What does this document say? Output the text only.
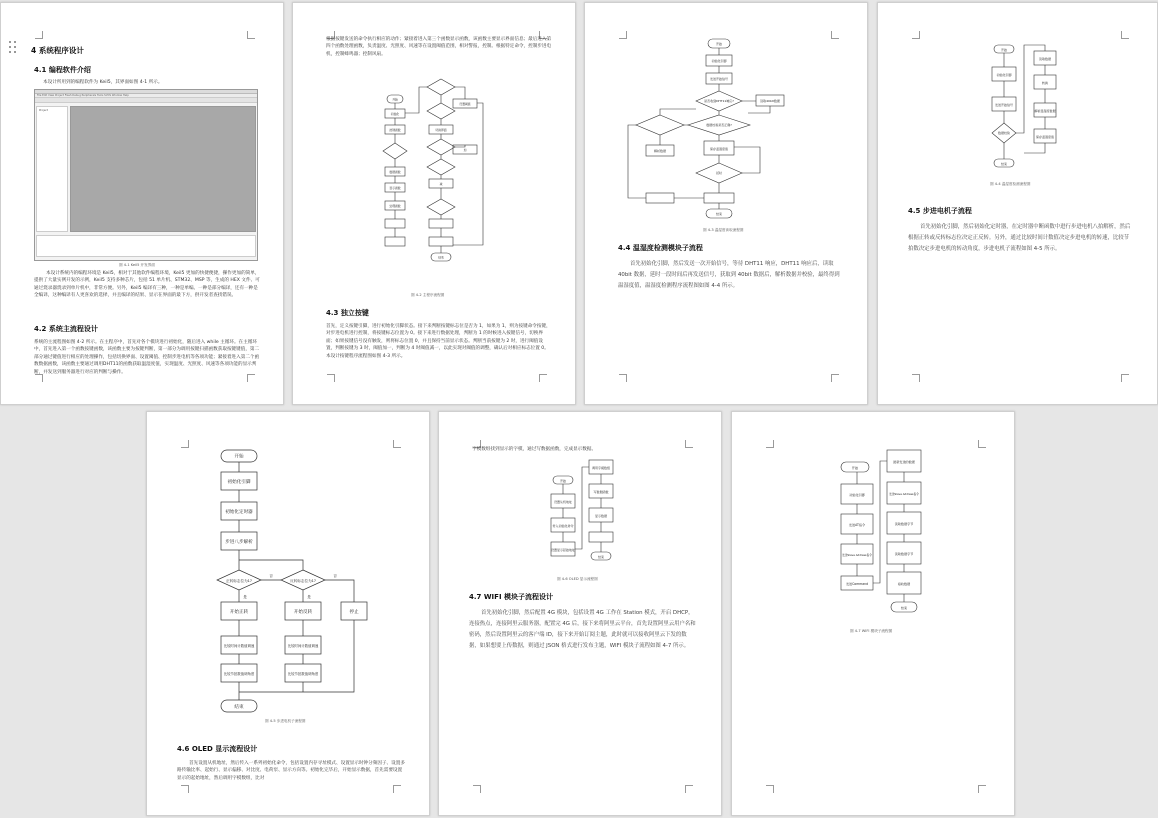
4 系统程序设计
4.1 编程软件介绍
本设计所用到的编程软件为 Keil5，其界面如图 4-1 所示。
File Edit View Project Flash Debug Peripherals Tools SVCS Window Help
Project
图 4-1 Keil5 开发界面
本设计系统内的编程环境是 Keil5，相对于其他软件编程环境，Keil5 更加的快捷便捷，操作更加的简单，提供了大量实例开发的示例，Keil5 支持多种芯片，包括 51 单片机、STM32、MSP 等，生成的 HEX 文件、可通过烧录器烧录到单片机中，非常方便。另外，Keil5 编译有三种，一种是单编、一种是部分编译，还有一种是全编译，这种编译有人更喜欢的选择，并且编译的结果、显示在界面的最下方，供开发者查找错误。
4.2 系统主流程设计
系统的主流程图如图 4-2 所示。在主程序中，首先对各个模块进行初始化，随后进入 while 主循环。在主循环中，首先进入第一个函数按键函数，该函数主要为按键判断，第一部分为调用按键扫描函数获取按键键值，第二部分通过键值进行相应的处理操作，包括切换界面、设置阈值、控制步进电机等各项功能；紧接着进入第二个函数数据函数，该函数主要通过调用DHT11的函数获取温湿度值，实现温度、光照度、风速等各项功能的显示判断，并发送到服务器进行对应的判断与操作。
根据按键发送的命令执行相应的动作；紧接着进入第三个函数显示函数，该函数主要显示界面信息；最后进入第四个函数处理函数，负责温度、光照度、风速等在设置阈值范围，相对警报，控制。根据特定命令，控制步进电机，控制蜂鸣器；控制风扇。
开始
初始化
按键函数
数据函数
显示函数
处理函数
切换界面
设置阈值
加
减
结束
图 4-2 主程序流程图
4.3 独立按键
首先，定义按键引脚，进行初始化引脚状态。接下来判断按键标志位是否为 1，如果为 1，则为按键命令按键，对步进电机进行控制，将按键标志位置为 0。接下来进行数据处理，判断为 1 的时候进入按键信号，切换界面；如果按键信号没有触发，则将标志位置 0，并且保持当前显示状态。判断当前按键为 2 时，进行阈值设置，判断按键为 3 时，阈值加一，判断为 4 时阈值减一，以此实现对阈值的调整，确认后对相应标志位置 0。本设计按键程序流程图如图 4-3 所示。
开始
初始化引脚
发送开始信号
是否收到DHT11响应?	读取40bit数据
数据校验是否正确?
解析数据	保存温湿度值
延时
结束
图 4-3 温湿度读取流程图
4.4 温湿度检测模块子流程
首先初始化引脚，然后发送一次开始信号，等待 DHT11 响应，DHT11 响应后，读取 40bit 数据，延时一段时间后再发送信号，获取到 40bit 数据后，解析数据并校验，最终得到温湿度值，温湿度检测程序流程图如图 4-4 所示。
开始
初始化引脚
发送开始信号
数据校验
结束
读取数据
转换
解析温湿度数据
保存温湿度值
图 4-4 温湿度检测流程图
4.5 步进电机子流程
首先初始化引脚，然后初始化定时器，在定时器中断函数中进行步进电机八拍解析，然后根据正转或反转标志位决定正反转。另外，通过比较时间计数值决定步进电机的转速，比较节拍数决定步进电机的转动角度，步进电机子流程如图 4-5 所示。
开始
初始化引脚
初始化定时器
步进八步解析
正转标志位为1?	反转标志位为1?
开始正转	开始反转	停止
比较时间计数值调速
比较节拍数值调角度
比较时间计数值调速
比较节拍数值调角度
结束
是	是
否	否
图 4-5 步进电机子流程图
4.6 OLED 显示流程设计
首先设置从机地址，然后传入一系列初始化命令，包括设置内存寻址模式、设置显示时钟分频因子、设置多路传输比率、起始行、显示偏移、对比度、电荷泵、显示方向等。初始化完毕后，开始显示数据，首先需要设置显示的起始地址，然后调用字模数组，比对
字模数组找到显示的字模，通过写数据函数，完成显示数据。
开始
设置从机地址
传入初始化命令
设置显示起始地址
调用字模数组
写数据函数
显示数据
结束
图 4-6 OLED 显示流程图
4.7 WIFI 模块子流程设计
首先初始化引脚，然后配置 4G 模块，包括设置 4G 工作在 Station 模式，开启 DHCP，连接热点，连接阿里云服务器，配置完 4G 后，接下来将阿里云平台，首先设置阿里云用户名和密码，然后设置阿里云的客户端 ID，接下来开始订阅主题，此时就可以接收阿里云下发的数据，如果想要上传数据，则通过 JSON 格式进行发布主题，WIFI 模块子流程如图 4-7 所示。
开始
初始化引脚
发送AT指令
发送Slave Address指令
发送Command
最新发送的数据
发送Slave Address指令
读取数据字节
读取数据字节
接收数据
结束
图 4-7 WIFI 模块子流程图
